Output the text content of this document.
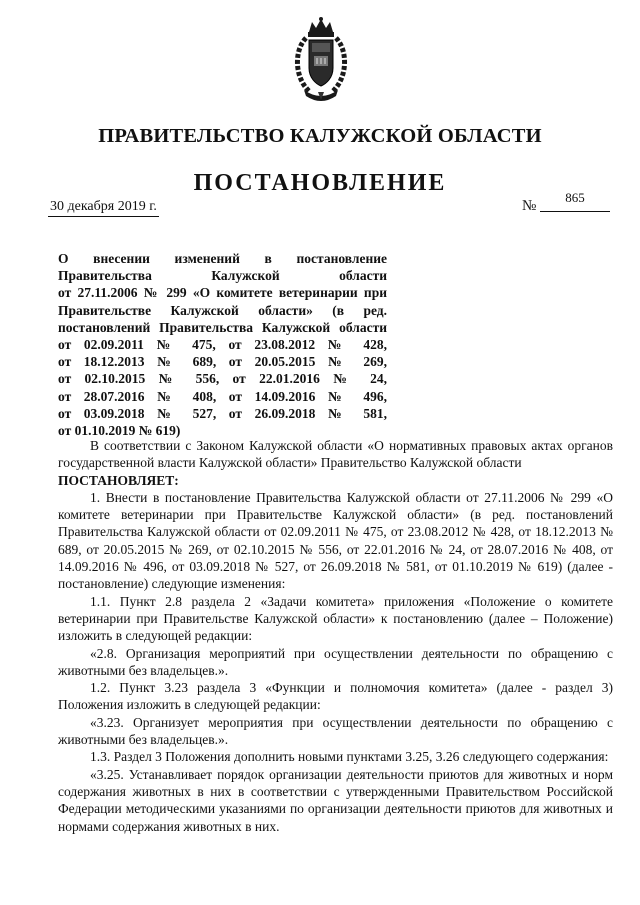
ПРАВИТЕЛЬСТВО КАЛУЖСКОЙ ОБЛАСТИ
ПОСТАНОВЛЕНИЕ
30 декабря 2019 г.	№
865
О внесении изменений в постановление
Правительства Калужской области
от 27.11.2006 № 299 «О комитете ветеринарии при
Правительстве Калужской области» (в ред.
постановлений Правительства Калужской области
от 02.09.2011 № 475, от 23.08.2012 № 428,
от 18.12.2013 № 689, от 20.05.2015 № 269,
от 02.10.2015 № 556, от 22.01.2016 № 24,
от 28.07.2016 № 408, от 14.09.2016 № 496,
от 03.09.2018 № 527, от 26.09.2018 № 581,
от 01.10.2019 № 619)

В соответствии с Законом Калужской области «О нормативных правовых актах органов государственной власти Калужской области» Правительство Калужской области

ПОСТАНОВЛЯЕТ:

1. Внести в постановление Правительства Калужской области от 27.11.2006 № 299 «О комитете ветеринарии при Правительстве Калужской области» (в ред. постановлений Правительства Калужской области от 02.09.2011 № 475, от 23.08.2012 № 428, от 18.12.2013 № 689, от 20.05.2015 № 269, от 02.10.2015 № 556, от 22.01.2016 № 24, от 28.07.2016 № 408, от 14.09.2016 № 496, от 03.09.2018 № 527, от 26.09.2018 № 581, от 01.10.2019 № 619) (далее - постановление) следующие изменения:

1.1. Пункт 2.8 раздела 2 «Задачи комитета» приложения «Положение о комитете ветеринарии при Правительстве Калужской области» к постановлению (далее – Положение) изложить в следующей редакции:

«2.8. Организация мероприятий при осуществлении деятельности по обращению с животными без владельцев.».

1.2. Пункт 3.23 раздела 3 «Функции и полномочия комитета» (далее - раздел 3) Положения изложить в следующей редакции:

«3.23. Организует мероприятия при осуществлении деятельности по обращению с животными без владельцев.».

1.3. Раздел 3 Положения дополнить новыми пунктами 3.25, 3.26 следующего содержания:

«3.25. Устанавливает порядок организации деятельности приютов для животных и норм содержания животных в них в соответствии с утвержденными Правительством Российской Федерации методическими указаниями по организации деятельности приютов для животных и нормами содержания животных в них.
